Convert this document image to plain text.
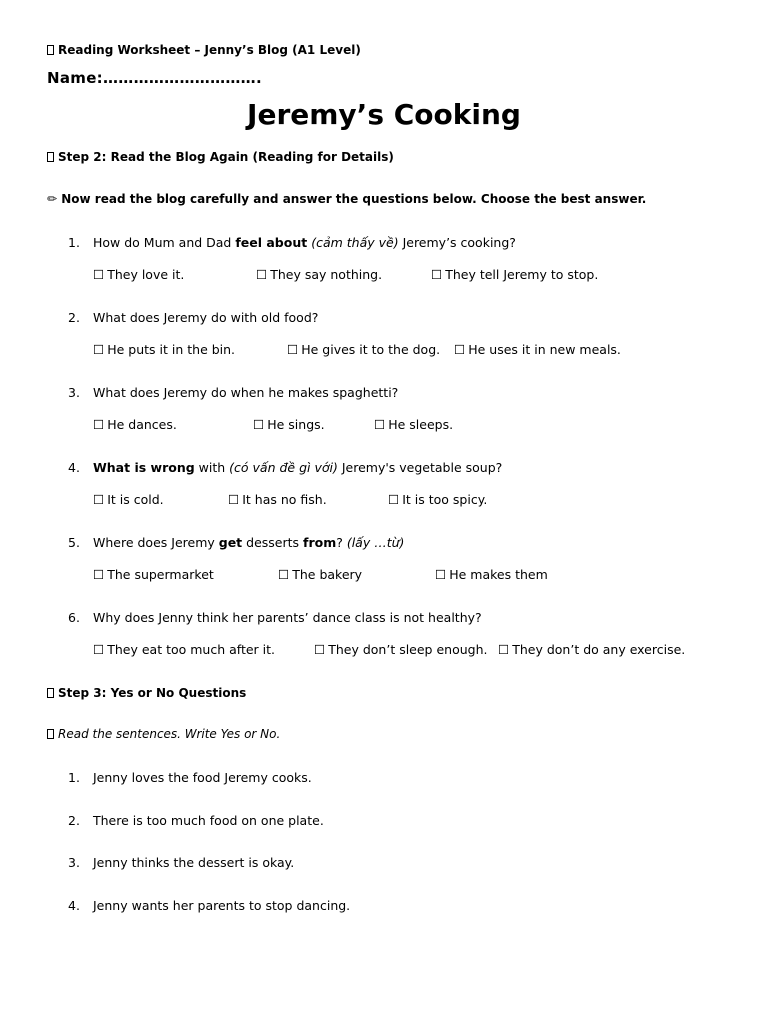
Reading Worksheet – Jenny’s Blog (A1 Level)
Name:………………………….
Jeremy’s Cooking
Step 2: Read the Blog Again (Reading for Details)
✏ Now read the blog carefully and answer the questions below. Choose the best answer.
1. How do Mum and Dad feel about (cảm thấy về) Jeremy’s cooking?
☐ They love it.	☐ They say nothing.	☐ They tell Jeremy to stop.
2. What does Jeremy do with old food?
☐ He puts it in the bin.	☐ He gives it to the dog. ☐ He uses it in new meals.
3. What does Jeremy do when he makes spaghetti?
☐ He dances.	☐ He sings.	☐ He sleeps.
4. What is wrong with (có vấn đề gì với) Jeremy's vegetable soup?
☐ It is cold.	☐ It has no fish.	☐ It is too spicy.
5. Where does Jeremy get desserts from? (lấy …từ)
☐ The supermarket	☐ The bakery	☐ He makes them
6. Why does Jenny think her parents’ dance class is not healthy?
☐ They eat too much after it.	☐ They don’t sleep enough. ☐ They don’t do any exercise.
Step 3: Yes or No Questions
Read the sentences. Write Yes or No.
1. Jenny loves the food Jeremy cooks.
2. There is too much food on one plate.
3. Jenny thinks the dessert is okay.
4. Jenny wants her parents to stop dancing.
